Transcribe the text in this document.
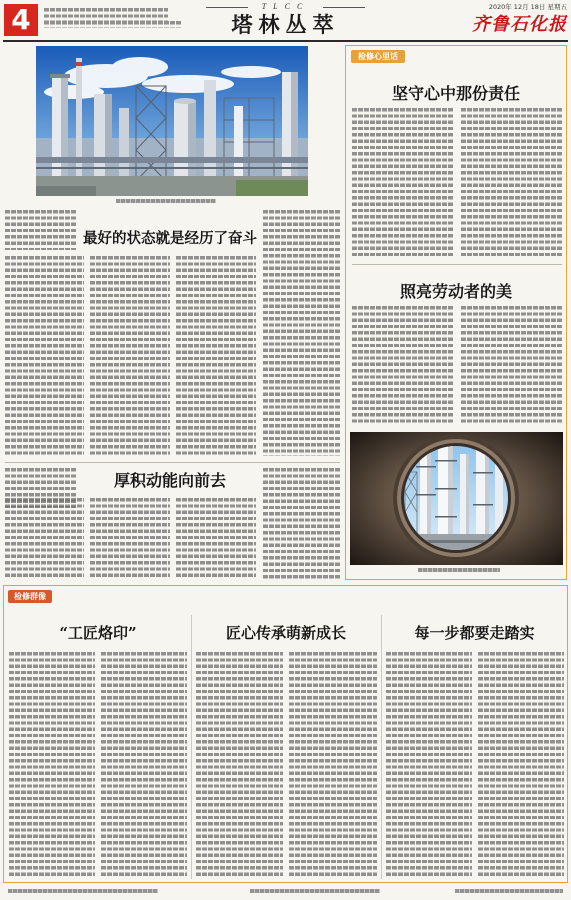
4	TLCC
塔林丛萃
2020年 12月 18日 星期五
齐鲁石化报
最好的状态就是经历了奋斗
厚积动能向前去
检修心里话
坚守心中那份责任
照亮劳动者的美
检修群像
“工匠烙印”	匠心传承萌新成长	每一步都要走踏实
